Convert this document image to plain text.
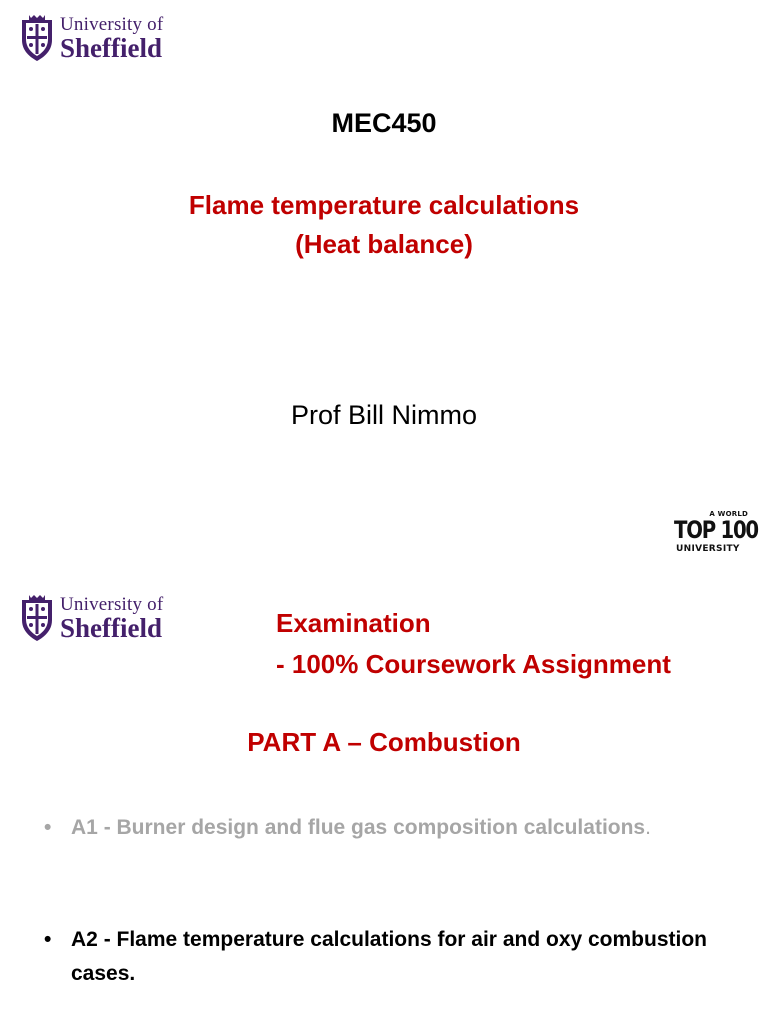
University of
Sheffield
MEC450
Flame temperature calculations
(Heat balance)
Prof Bill Nimmo
A WORLD
TOP 100
UNIVERSITY
University of
Sheffield	Examination
- 100% Coursework Assignment
PART A – Combustion
• A1 - Burner design and flue gas composition calculations.
• A2 - Flame temperature calculations for air and oxy combustion cases.
